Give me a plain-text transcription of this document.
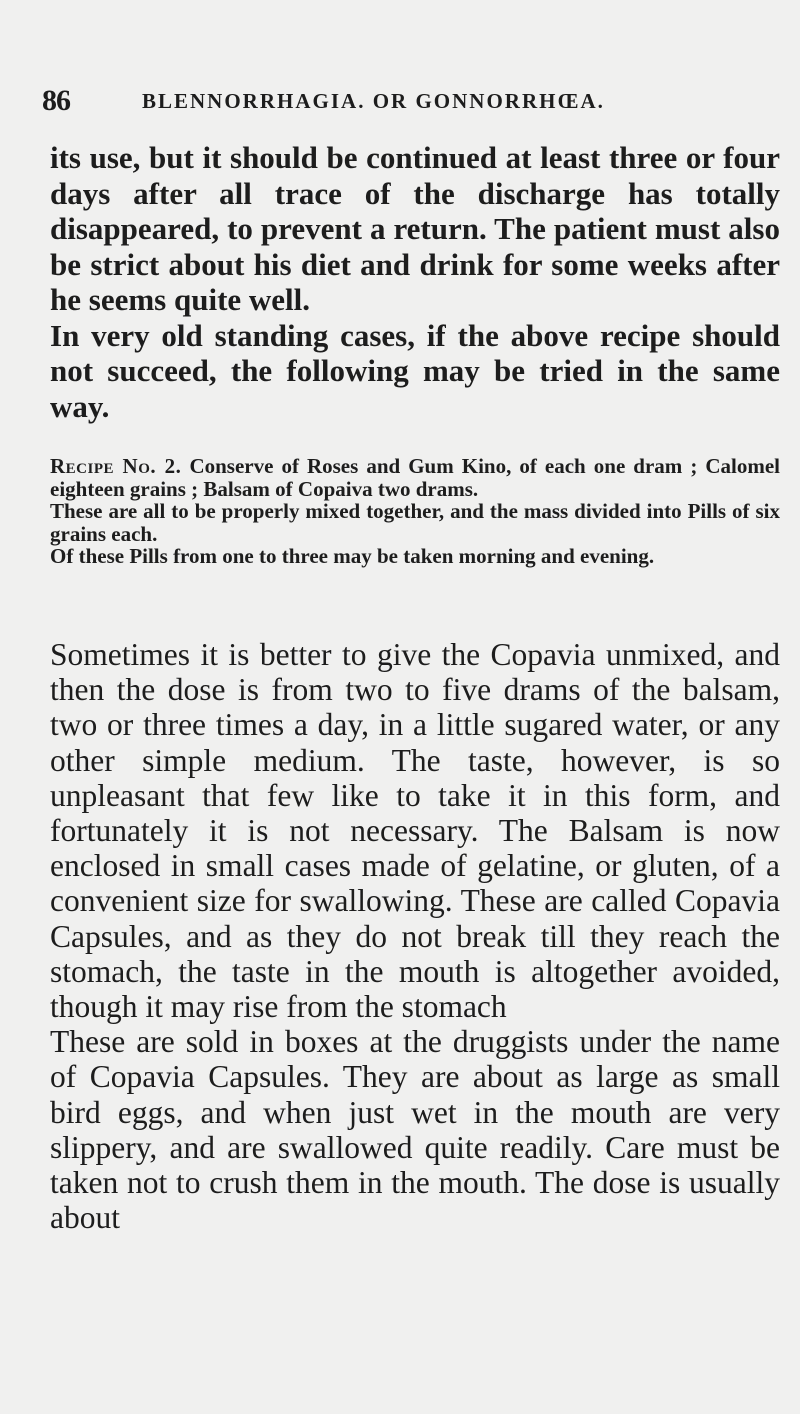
86	BLENNORRHAGIA. OR GONNORRHŒA.

its use, but it should be continued at least three or four days after all trace of the discharge has totally disappeared, to prevent a return. The patient must also be strict about his diet and drink for some weeks after he seems quite well.

In very old standing cases, if the above recipe should not succeed, the following may be tried in the same way.

Recipe No. 2. Conserve of Roses and Gum Kino, of each one dram ; Calomel eighteen grains ; Balsam of Copaiva two drams.

These are all to be properly mixed together, and the mass divided into Pills of six grains each.

Of these Pills from one to three may be taken morning and evening.

Sometimes it is better to give the Copavia unmixed, and then the dose is from two to five drams of the balsam, two or three times a day, in a little sugared water, or any other simple medium. The taste, however, is so unpleasant that few like to take it in this form, and fortunately it is not necessary. The Balsam is now enclosed in small cases made of gelatine, or gluten, of a convenient size for swallowing. These are called Copavia Capsules, and as they do not break till they reach the stomach, the taste in the mouth is altogether avoided, though it may rise from the stomach

These are sold in boxes at the druggists under the name of Copavia Capsules. They are about as large as small bird eggs, and when just wet in the mouth are very slippery, and are swallowed quite readily. Care must be taken not to crush them in the mouth. The dose is usually about
